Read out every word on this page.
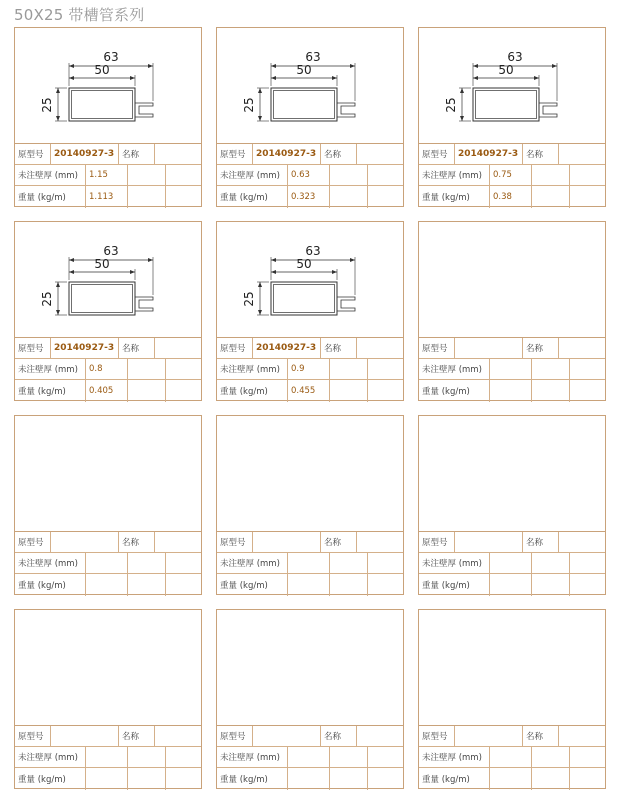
50X25 带槽管系列
63
50
25
原型号	20140927-3 名称
未注壁厚 (mm)	1.15
重量 (kg/m)	1.113
63
50
25
原型号	20140927-3 名称
未注壁厚 (mm)	0.63
重量 (kg/m)	0.323
63
50
25
原型号	20140927-3 名称
未注壁厚 (mm)	0.75
重量 (kg/m)	0.38
63
50
25
原型号	20140927-3 名称
未注壁厚 (mm)	0.8
重量 (kg/m)	0.405
63
50
25
原型号	20140927-3 名称
未注壁厚 (mm)	0.9
重量 (kg/m)	0.455
原型号	名称
未注壁厚 (mm)
重量 (kg/m)
原型号	名称
未注壁厚 (mm)
重量 (kg/m)
原型号	名称
未注壁厚 (mm)
重量 (kg/m)
原型号	名称
未注壁厚 (mm)
重量 (kg/m)
原型号	名称
未注壁厚 (mm)
重量 (kg/m)
原型号	名称
未注壁厚 (mm)
重量 (kg/m)
原型号	名称
未注壁厚 (mm)
重量 (kg/m)
